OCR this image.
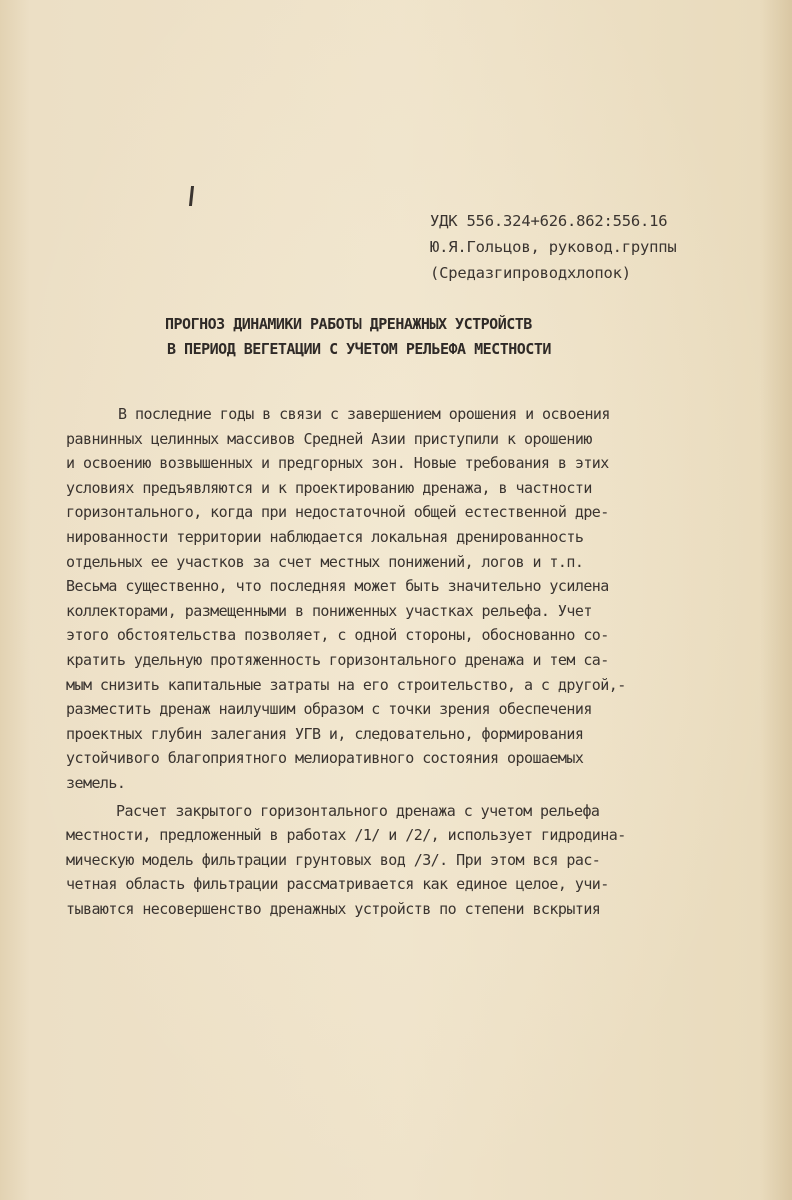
УДК 556.324+626.862:556.16
Ю.Я.Гольцов, руковод.группы
(Средазгипроводхлопок)
ПРОГНОЗ ДИНАМИКИ РАБОТЫ ДРЕНАЖНЫХ УСТРОЙСТВ
В ПЕРИОД ВЕГЕТАЦИИ С УЧЕТОМ РЕЛЬЕФА МЕСТНОСТИ
В последние годы в связи с завершением орошения и освоения
равнинных целинных массивов Средней Азии приступили к орошению
и освоению возвышенных и предгорных зон. Новые требования в этих
условиях предъявляются и к проектированию дренажа, в частности
горизонтального, когда при недостаточной общей естественной дре-
нированности территории наблюдается локальная дренированность
отдельных ее участков за счет местных понижений, логов и т.п.
Весьма существенно, что последняя может быть значительно усилена
коллекторами, размещенными в пониженных участках рельефа. Учет
этого обстоятельства позволяет, с одной стороны, обоснованно со-
кратить удельную протяженность горизонтального дренажа и тем са-
мым снизить капитальные затраты на его строительство, а с другой,-
разместить дренаж наилучшим образом с точки зрения обеспечения
проектных глубин залегания УГВ и, следовательно, формирования
устойчивого благоприятного мелиоративного состояния орошаемых
земель.
Расчет закрытого горизонтального дренажа с учетом рельефа
местности, предложенный в работах /1/ и /2/, использует гидродина-
мическую модель фильтрации грунтовых вод /3/. При этом вся рас-
четная область фильтрации рассматривается как единое целое, учи-
тываются несовершенство дренажных устройств по степени вскрытия
